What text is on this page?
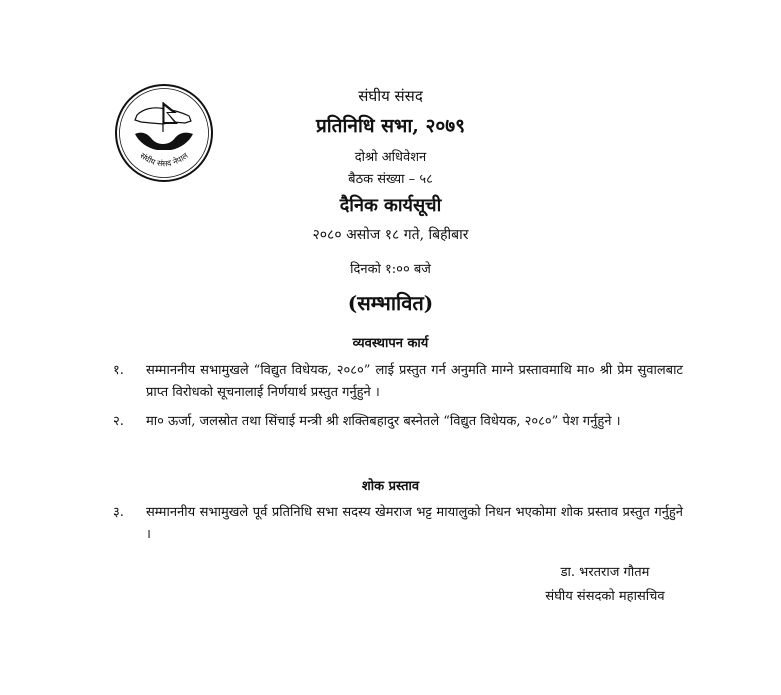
संघीय संसद नेपाल
संघीय संसद
प्रतिनिधि सभा, २०७९
दोश्रो अधिवेशन
बैठक संख्या – ५८
दैनिक कार्यसूची
२०८० असोज १८ गते, बिहीबार
दिनको १:०० बजे
(सम्भावित)
व्यवस्थापन कार्य
१.	सम्माननीय सभामुखले “विद्युत विधेयक, २०८०” लाई प्रस्तुत गर्न अनुमति माग्ने प्रस्तावमाथि मा० श्री प्रेम सुवालबाट प्राप्त विरोधको सूचनालाई निर्णयार्थ प्रस्तुत गर्नुहुने ।
२.	मा० ऊर्जा, जलस्रोत तथा सिंचाई मन्त्री श्री शक्तिबहादुर बस्नेतले “विद्युत विधेयक, २०८०” पेश गर्नुहुने ।
शोक प्रस्ताव
३.	सम्माननीय सभामुखले पूर्व प्रतिनिधि सभा सदस्य खेमराज भट्ट मायालुको निधन भएकोमा शोक प्रस्ताव प्रस्तुत गर्नुहुने ।
डा. भरतराज गौतम
संघीय संसदको महासचिव
